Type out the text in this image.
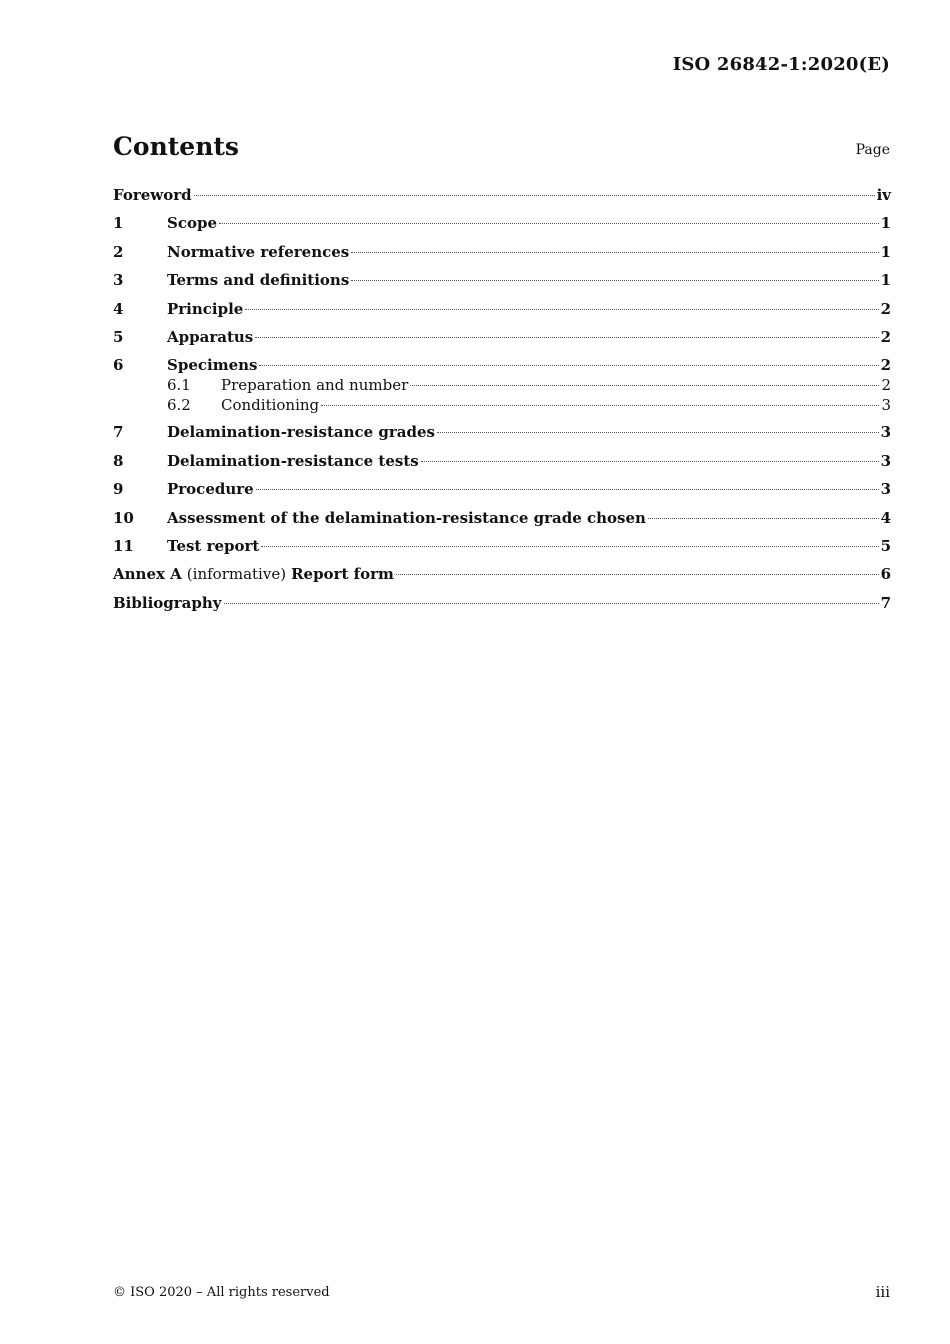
ISO 26842-1:2020(E)
Contents	Page
Foreword	iv
1	Scope	1
2	Normative references	1
3	Terms and definitions	1
4	Principle	2
5	Apparatus	2
6	Specimens	2
6.1	Preparation and number	2
6.2	Conditioning	3
7	Delamination-resistance grades	3
8	Delamination-resistance tests	3
9	Procedure	3
10	Assessment of the delamination-resistance grade chosen	4
11	Test report	5
Annex A (informative) Report form	6
Bibliography	7
© ISO 2020 – All rights reserved	iii
